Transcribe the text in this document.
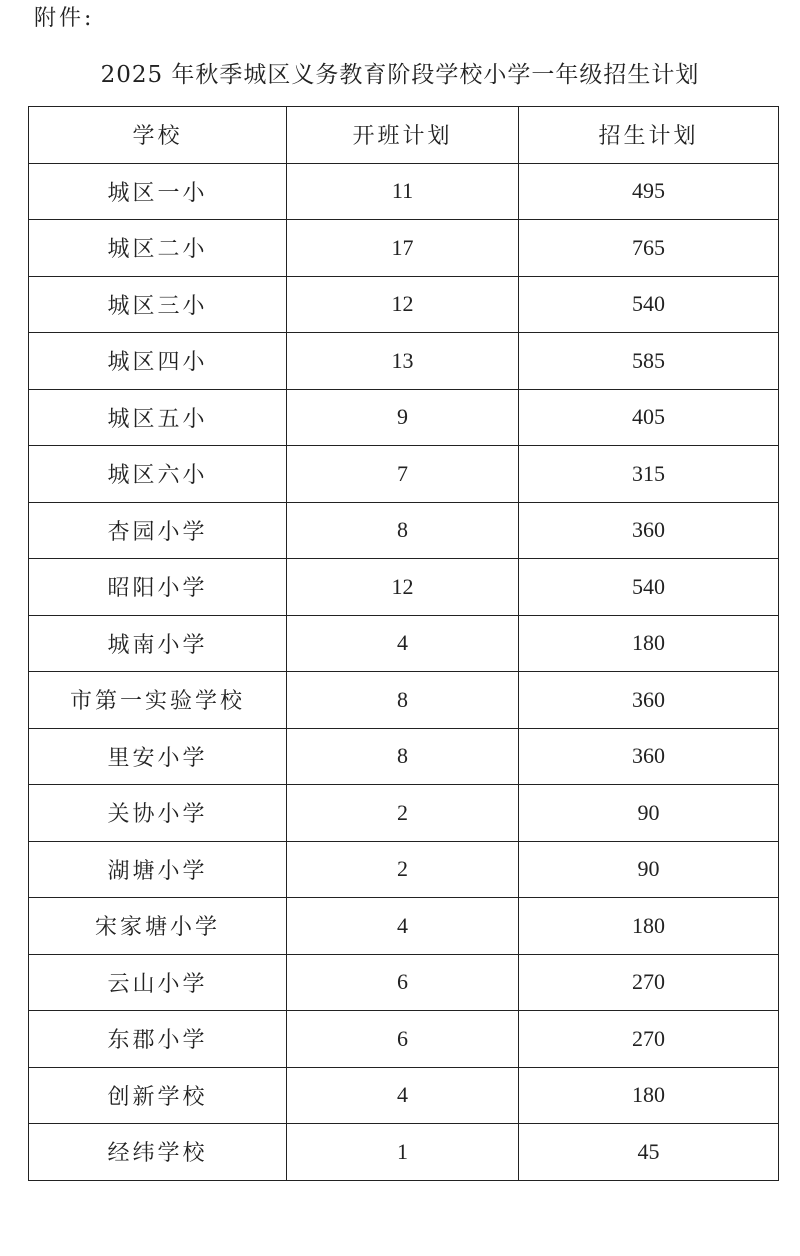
附件:
2025 年秋季城区义务教育阶段学校小学一年级招生计划
学校	开班计划	招生计划
城区一小	11	495
城区二小	17	765
城区三小	12	540
城区四小	13	585
城区五小	9	405
城区六小	7	315
杏园小学	8	360
昭阳小学	12	540
城南小学	4	180
市第一实验学校	8	360
里安小学	8	360
关协小学	2	90
湖塘小学	2	90
宋家塘小学	4	180
云山小学	6	270
东郡小学	6	270
创新学校	4	180
经纬学校	1	45
